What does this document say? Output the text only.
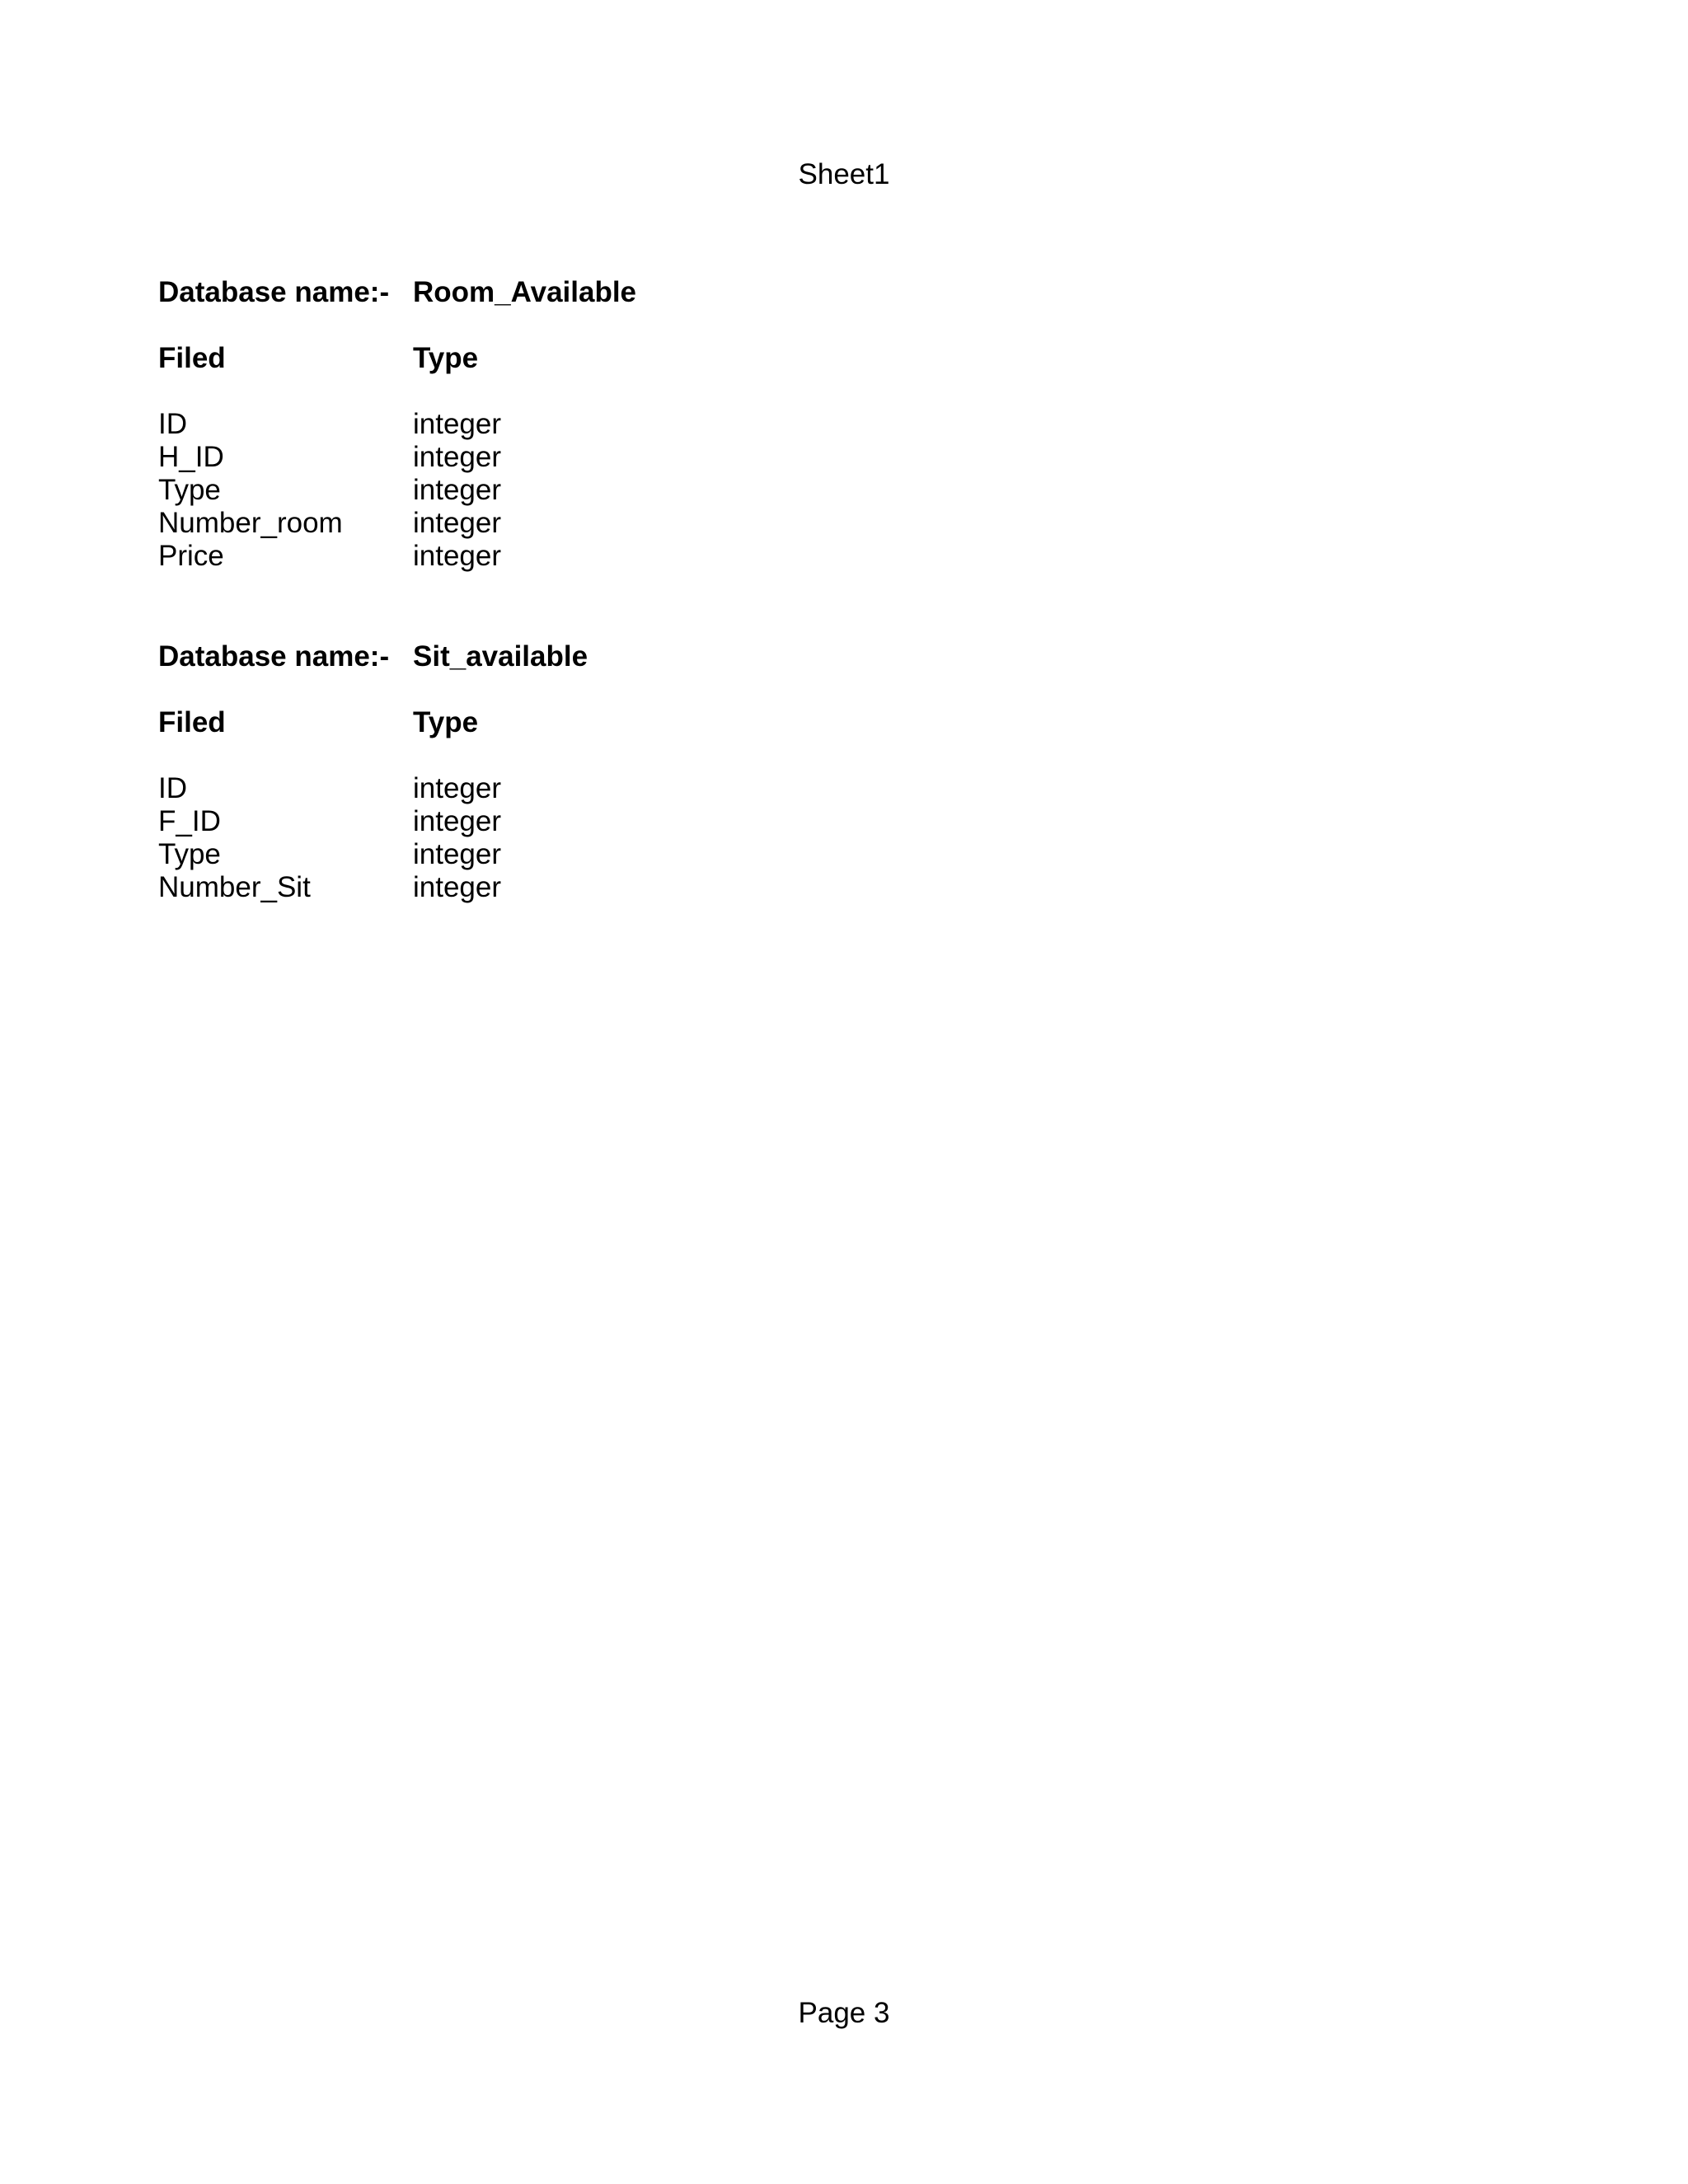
Sheet1
Database name:- Room_Available
Filed	Type
ID	integer
H_ID	integer
Type	integer
Number_room	integer
Price	integer
Database name:- Sit_available
Filed	Type
ID	integer
F_ID	integer
Type	integer
Number_Sit	integer
Page 3
